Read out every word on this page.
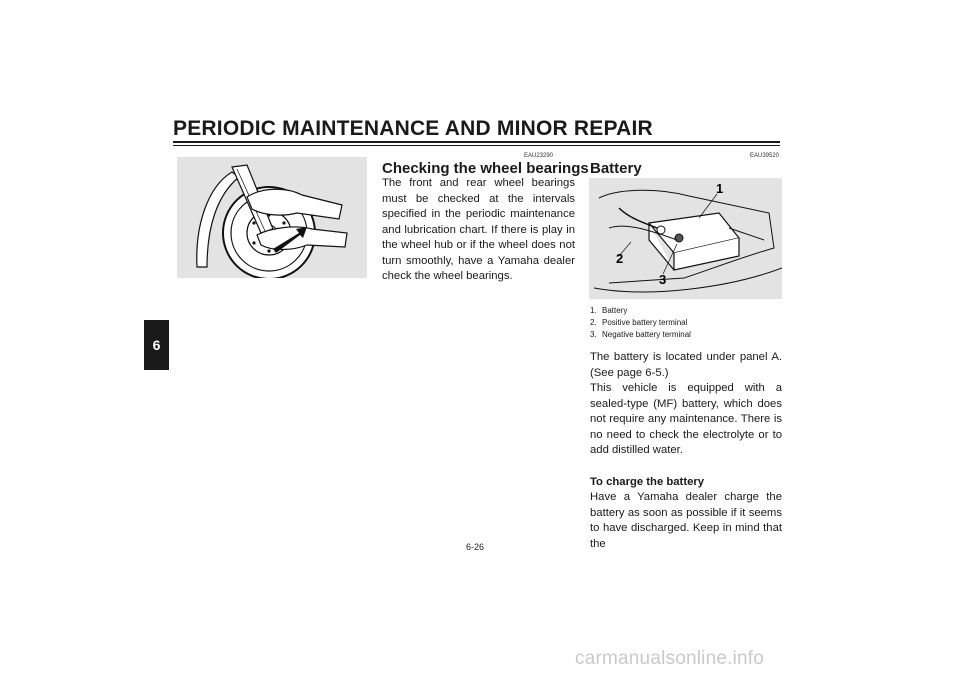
PERIODIC MAINTENANCE AND MINOR REPAIR
6
EAU23290
Checking the wheel bearings

The front and rear wheel bearings must be checked at the intervals specified in the periodic maintenance and lubrication chart. If there is play in the wheel hub or if the wheel does not turn smoothly, have a Yamaha dealer check the wheel bearings.

EAU39520
Battery
1
2
3
1. Battery
2. Positive battery terminal
3. Negative battery terminal

The battery is located under panel A. (See page 6-5.)

This vehicle is equipped with a sealed-type (MF) battery, which does not require any maintenance. There is no need to check the electrolyte or to add distilled water.

To charge the battery
Have a Yamaha dealer charge the battery as soon as possible if it seems to have discharged. Keep in mind that the

6-26
carmanualsonline.info
